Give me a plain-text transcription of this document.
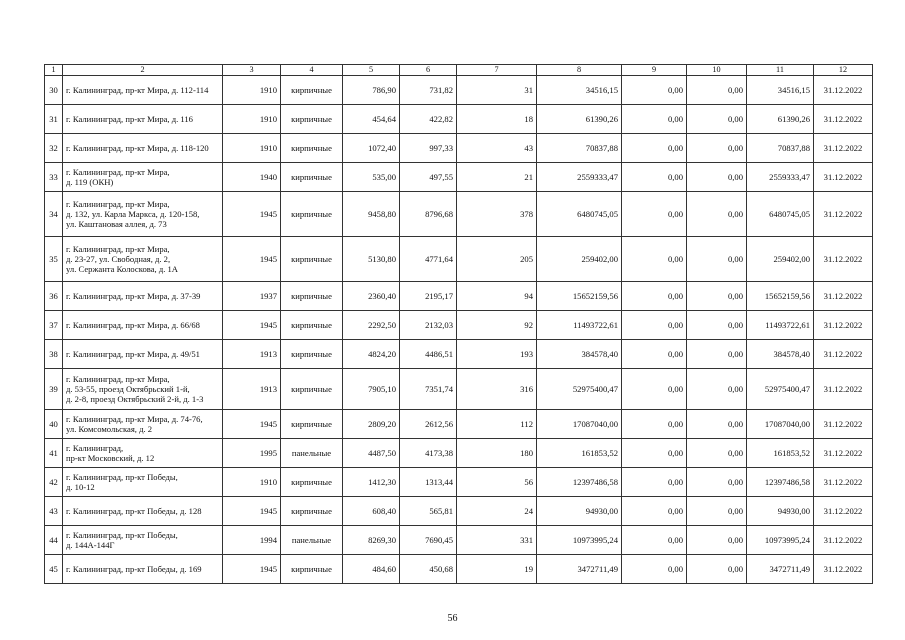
1	2	3	4	5	6	7	8	9	10	11	12
30	г. Калининград, пр-кт Мира, д. 112-114	1910	кирпичные	786,90	731,82	31	34516,15	0,00	0,00	34516,15	31.12.2022
31	г. Калининград, пр-кт Мира, д. 116	1910	кирпичные	454,64	422,82	18	61390,26	0,00	0,00	61390,26	31.12.2022
32	г. Калининград, пр-кт Мира, д. 118-120	1910	кирпичные	1072,40	997,33	43	70837,88	0,00	0,00	70837,88	31.12.2022
33	г. Калининград, пр-кт Мира,
д. 119 (ОКН)	1940	кирпичные	535,00	497,55	21	2559333,47	0,00	0,00	2559333,47	31.12.2022
34	г. Калининград, пр-кт Мира,
д. 132, ул. Карла Маркса, д. 120-158,
ул. Каштановая аллея, д. 73	1945	кирпичные	9458,80	8796,68	378	6480745,05	0,00	0,00	6480745,05	31.12.2022
35	г. Калининград, пр-кт Мира,
д. 23-27, ул. Свободная, д. 2,
ул. Сержанта Колоскова, д. 1А	1945	кирпичные	5130,80	4771,64	205	259402,00	0,00	0,00	259402,00	31.12.2022
36	г. Калининград, пр-кт Мира, д. 37-39	1937	кирпичные	2360,40	2195,17	94	15652159,56	0,00	0,00	15652159,56	31.12.2022
37	г. Калининград, пр-кт Мира, д. 66/68	1945	кирпичные	2292,50	2132,03	92	11493722,61	0,00	0,00	11493722,61	31.12.2022
38	г. Калининград, пр-кт Мира, д. 49/51	1913	кирпичные	4824,20	4486,51	193	384578,40	0,00	0,00	384578,40	31.12.2022
39	г. Калининград, пр-кт Мира,
д. 53-55, проезд Октябрьский 1-й,
д. 2-8, проезд Октябрьский 2-й, д. 1-3	1913	кирпичные	7905,10	7351,74	316	52975400,47	0,00	0,00	52975400,47	31.12.2022
40	г. Калининград, пр-кт Мира, д. 74-76,
ул. Комсомольская, д. 2	1945	кирпичные	2809,20	2612,56	112	17087040,00	0,00	0,00	17087040,00	31.12.2022
41	г. Калининград,
пр-кт Московский, д. 12	1995	панельные	4487,50	4173,38	180	161853,52	0,00	0,00	161853,52	31.12.2022
42	г. Калининград, пр-кт Победы,
д. 10-12	1910	кирпичные	1412,30	1313,44	56	12397486,58	0,00	0,00	12397486,58	31.12.2022
43	г. Калининград, пр-кт Победы, д. 128	1945	кирпичные	608,40	565,81	24	94930,00	0,00	0,00	94930,00	31.12.2022
44	г. Калининград, пр-кт Победы,
д. 144А-144Г	1994	панельные	8269,30	7690,45	331	10973995,24	0,00	0,00	10973995,24	31.12.2022
45	г. Калининград, пр-кт Победы, д. 169	1945	кирпичные	484,60	450,68	19	3472711,49	0,00	0,00	3472711,49	31.12.2022
56
